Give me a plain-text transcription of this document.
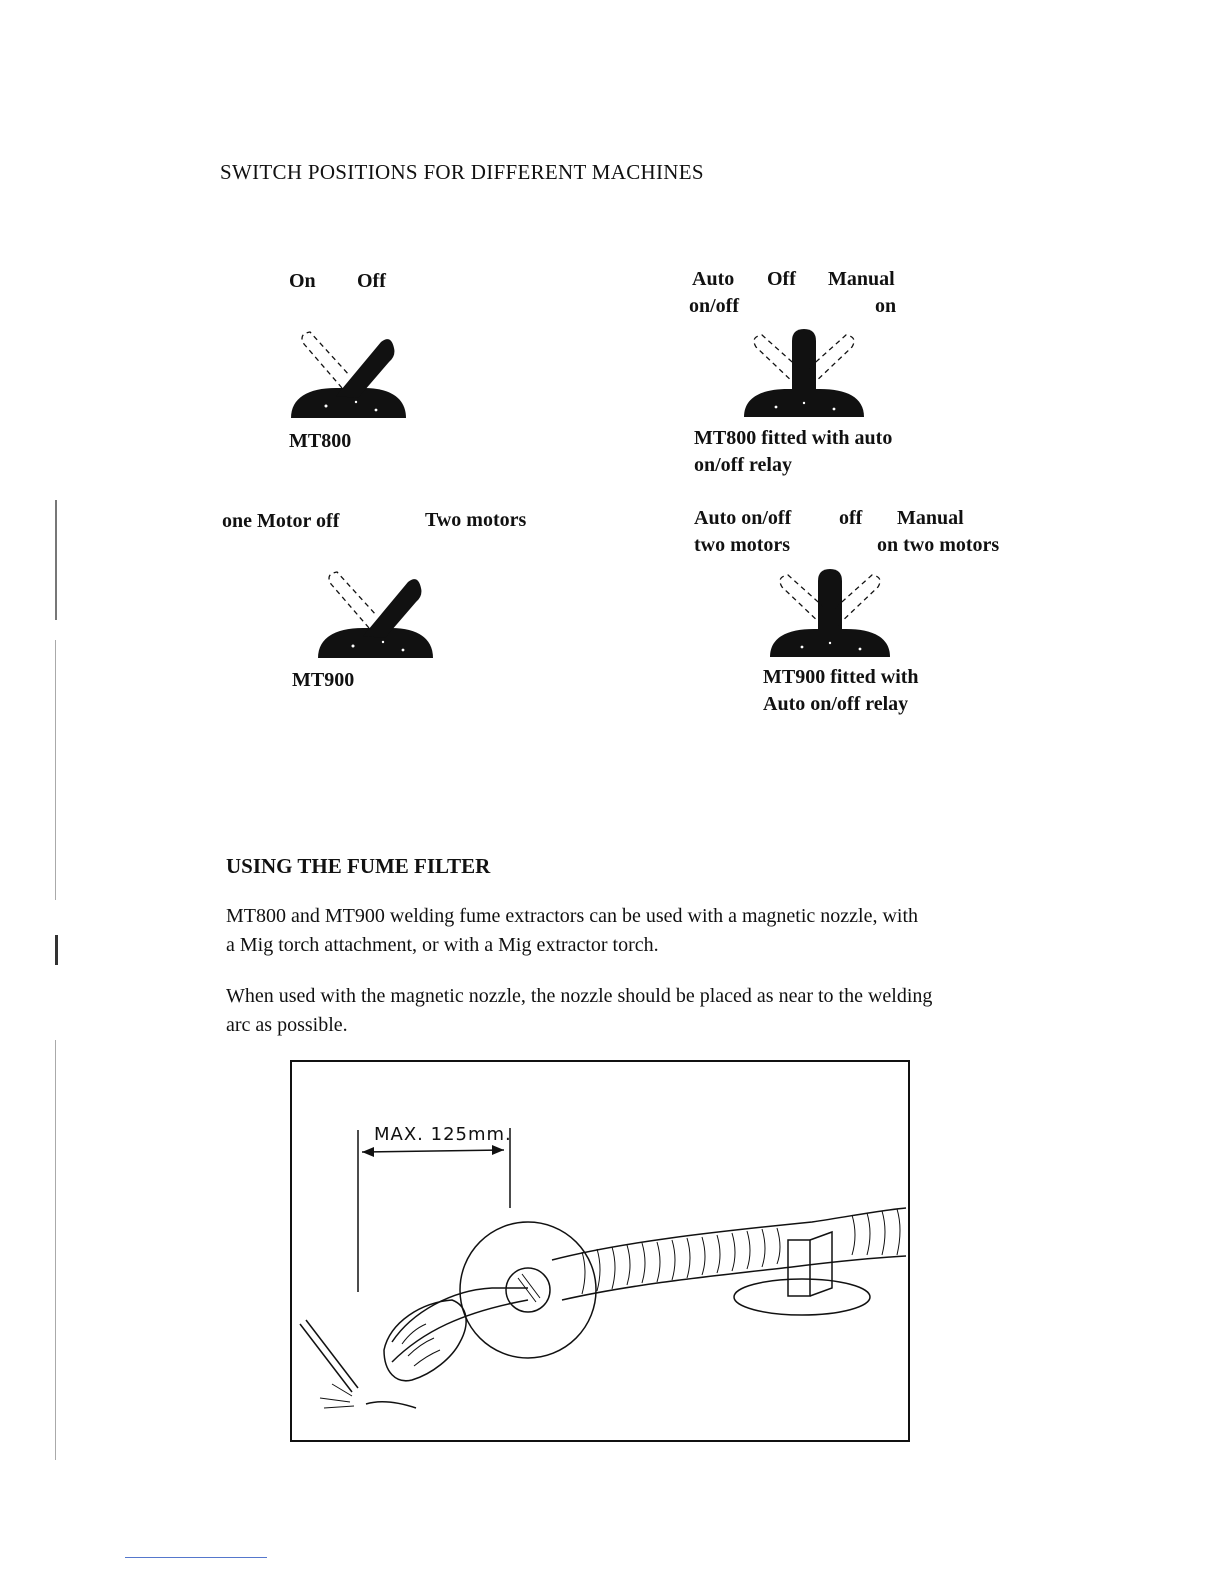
SWITCH POSITIONS FOR DIFFERENT MACHINES
On Off
MT800
Auto
on/off
Off Manual
on
MT800 fitted with auto
on/off relay
one Motor off	Two motors
MT900
Auto on/off
two motors
off Manual
on two motors
MT900 fitted with
Auto on/off relay
USING THE FUME FILTER
MT800 and MT900 welding fume extractors can be used with a magnetic nozzle, with
a Mig torch attachment, or with a Mig extractor torch.
When used with the magnetic nozzle, the nozzle should be placed as near to the welding
arc as possible.
MAX. 125mm.
